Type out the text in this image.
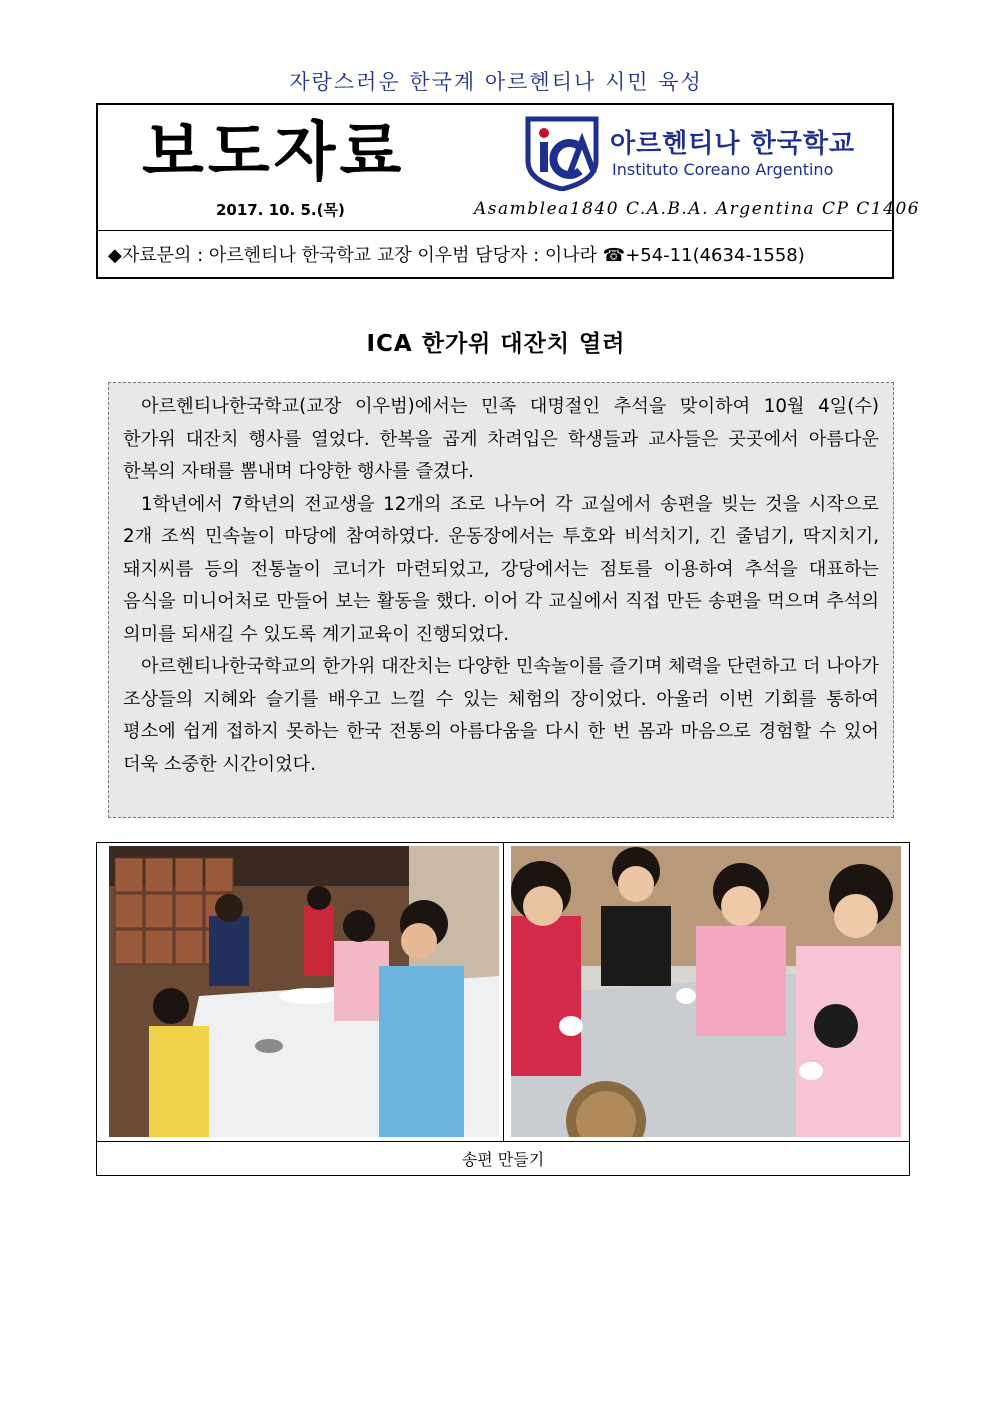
자랑스러운 한국계 아르헨티나 시민 육성
보도자료
2017. 10. 5.(목)
아르헨티나 한국학교
Instituto Coreano Argentino
Asamblea1840 C.A.B.A. Argentina CP C1406
◆자료문의 : 아르헨티나 한국학교 교장 이우범 담당자 : 이나라 ☎+54-11(4634-1558)
ICA 한가위 대잔치 열려

아르헨티나한국학교(교장 이우범)에서는 민족 대명절인 추석을 맞이하여 10월 4일(수) 한가위 대잔치 행사를 열었다. 한복을 곱게 차려입은 학생들과 교사들은 곳곳에서 아름다운 한복의 자태를 뽐내며 다양한 행사를 즐겼다.

1학년에서 7학년의 전교생을 12개의 조로 나누어 각 교실에서 송편을 빚는 것을 시작으로 2개 조씩 민속놀이 마당에 참여하였다. 운동장에서는 투호와 비석치기, 긴 줄넘기, 딱지치기, 돼지씨름 등의 전통놀이 코너가 마련되었고, 강당에서는 점토를 이용하여 추석을 대표하는 음식을 미니어처로 만들어 보는 활동을 했다. 이어 각 교실에서 직접 만든 송편을 먹으며 추석의 의미를 되새길 수 있도록 계기교육이 진행되었다.

아르헨티나한국학교의 한가위 대잔치는 다양한 민속놀이를 즐기며 체력을 단련하고 더 나아가 조상들의 지혜와 슬기를 배우고 느낄 수 있는 체험의 장이었다. 아울러 이번 기회를 통하여 평소에 쉽게 접하지 못하는 한국 전통의 아름다움을 다시 한 번 몸과 마음으로 경험할 수 있어 더욱 소중한 시간이었다.

송편 만들기
